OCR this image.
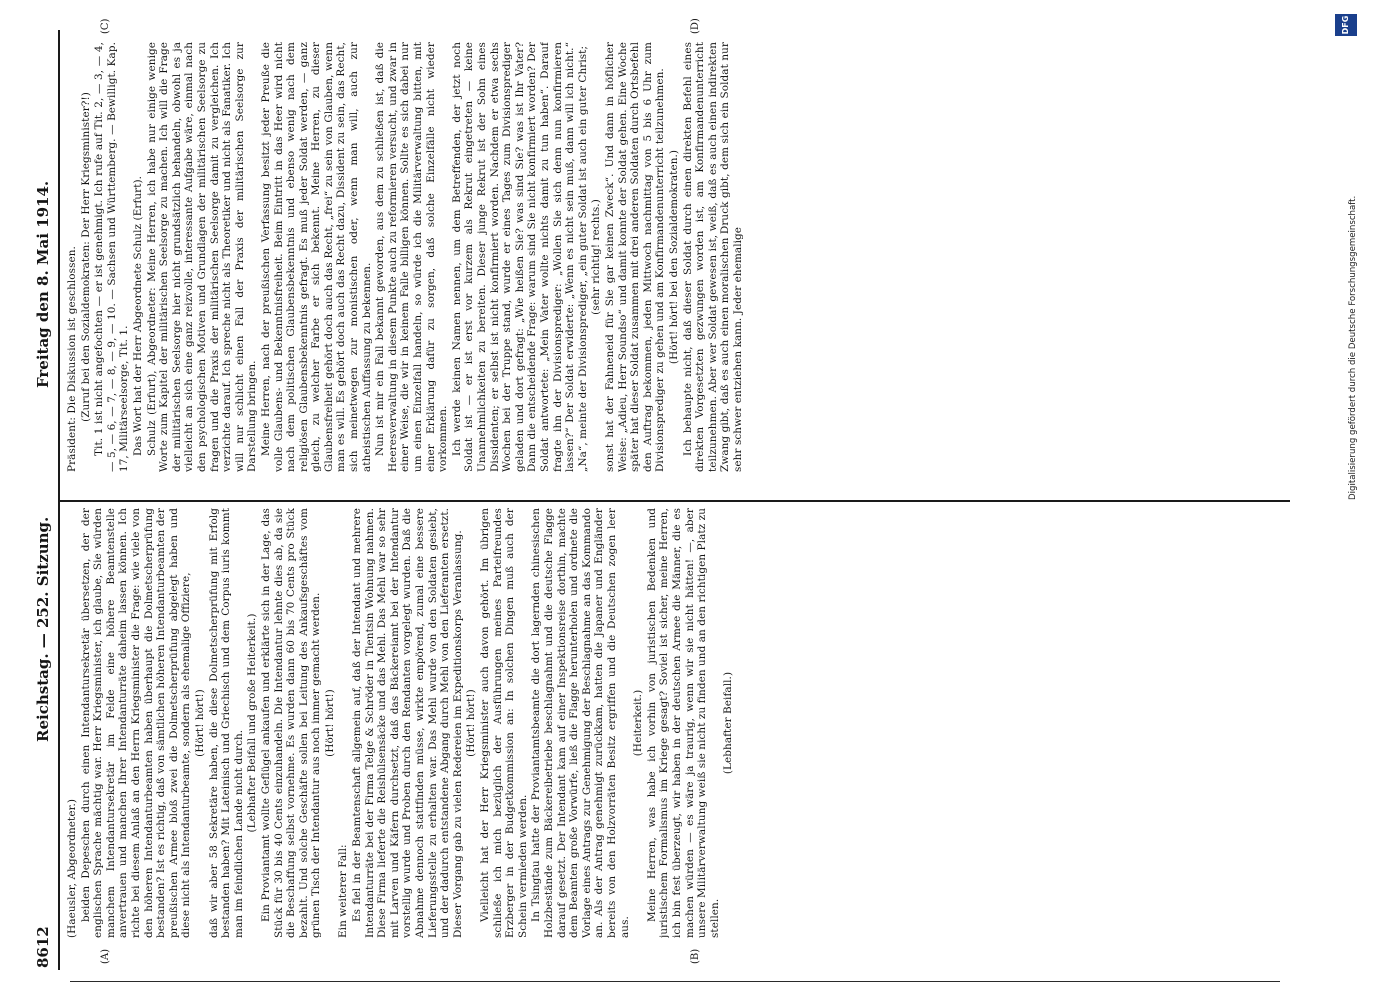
8612
Reichstag. — 252. Sitzung.
Freitag den 8. Mai 1914.
(A)	(B)
(C)	(D)

(Haeusler, Abgeordneter.) beiden Depeschen durch einen Intendantursekretär übersetzen, der der englischen Sprache mächtig war. Herr Kriegsminister, ich glaube, Sie würden manchem Intendantursekretär im Felde eine höhere Beamtenstelle anvertrauen und manchen Ihrer Intendanturräte daheim lassen können. Ich richte bei diesem Anlaß an den Herrn Kriegsminister die Frage: wie viele von den höheren Intendanturbeamten haben überhaupt die Dolmetscherprüfung bestanden? Ist es richtig, daß von sämtlichen höheren Intendanturbeamten der preußischen Armee bloß zwei die Dolmetscherprüfung abgelegt haben und diese nicht als Intendanturbeamte, sondern als ehemalige Offiziere, (Hört! hört!) daß wir aber 58 Sekretäre haben, die diese Dolmetscherprüfung mit Erfolg bestanden haben? Mit Lateinisch und Griechisch und dem Corpus iuris kommt man im feindlichen Lande nicht durch.

(Lebhafter Beifall und große Heiterkeit.) Ein Proviantamt wollte Geflügel ankaufen und erklärte sich in der Lage, das Stück für 30 bis 40 Cents einzuhandeln. Die Intendantur lehnte dies ab, da sie die Beschaffung selbst vornehme. Es wurden dann 60 bis 70 Cents pro Stück bezahlt. Und solche Geschäfte sollen bei Leitung des Ankaufsgeschäftes vom grünen Tisch der Intendantur aus noch immer gemacht werden. (Hört! hört!)

Ein weiterer Fall: Es fiel in der Beamtenschaft allgemein auf, daß der Intendant und mehrere Intendanturräte bei der Firma Telge & Schröder in Tientsin Wohnung nahmen. Diese Firma lieferte die Reishülsensäcke und das Mehl. Das Mehl war so sehr mit Larven und Käfern durchsetzt, daß das Bäckereiamt bei der Intendantur vorstellig wurde und Proben durch den Rendanten vorgelegt wurden. Daß die Abnahme dennoch stattfinden müsse, wirkte empörend, zumal eine bessere Lieferungsstelle zu erhalten war. Das Mehl wurde von den Soldaten gesiebt, und der dadurch entstandene Abgang durch Mehl von den Lieferanten ersetzt. Dieser Vorgang gab zu vielen Redereien im Expeditionskorps Veranlassung. (Hört! hört!) Vielleicht hat der Herr Kriegsminister auch davon gehört. Im übrigen schließe ich mich bezüglich der Ausführungen meines Parteifreundes Erzberger in der Budgetkommission an: In solchen Dingen muß auch der Schein vermieden werden. In Tsingtau hatte der Proviantamtsbeamte die dort lagernden chinesischen Holzbestände zum Bäckereibetriebe beschlagnahmt und die deutsche Flagge darauf gesetzt. Der Intendant kam auf einer Inspektionsreise dorthin, machte dem Beamten große Vorwürfe, ließ die Flagge herunterholen und ordnete die Vorlage eines Antrags zur Genehmigung der Beschlagnahme an das Kommando an. Als der Antrag genehmigt zurückkam, hatten die Japaner und Engländer bereits von den Holzvorräten Besitz ergriffen und die Deutschen zogen leer aus.

(Heiterkeit.) Meine Herren, was habe ich vorhin von juristischen Bedenken und juristischem Formalismus im Kriege gesagt? Soviel ist sicher, meine Herren, ich bin fest überzeugt, wir haben in der deutschen Armee die Männer, die es machen würden — es wäre ja traurig, wenn wir sie nicht hätten! —, aber unsere Militärverwaltung weiß sie nicht zu finden und an den richtigen Platz zu stellen.

(Lebhafter Beifall.)

Präsident: Die Diskussion ist geschlossen. (Zuruf bei den Sozialdemokraten: Der Herr Kriegsminister?!) Tit. 1 ist nicht angefochten — er ist genehmigt. Ich rufe auf Tit. 2, — 3, — 4, — 5, — 6, — 7, — 8, — 9, — 10. — Sachsen und Württemberg. — Bewilligt. Kap. 17, Militärseelsorge, Tit. 1. Das Wort hat der Herr Abgeordnete Schulz (Erfurt). Schulz (Erfurt), Abgeordneter: Meine Herren, ich habe nur einige wenige Worte zum Kapitel der militärischen Seelsorge zu machen. Ich will die Frage der militärischen Seelsorge hier nicht grundsätzlich behandeln, obwohl es ja vielleicht an sich eine ganz reizvolle, interessante Aufgabe wäre, einmal nach den psychologischen Motiven und Grundlagen der militärischen Seelsorge zu fragen und die Praxis der militärischen Seelsorge damit zu vergleichen. Ich verzichte darauf. Ich spreche nicht als Theoretiker und nicht als Fanatiker. Ich will nur schlicht einen Fall der Praxis der militärischen Seelsorge zur Darstellung bringen. Meine Herren, nach der preußischen Verfassung besitzt jeder Preuße die volle Glaubens- und Bekenntnisfreiheit. Beim Eintritt in das Heer wird nicht nach dem politischen Glaubensbekenntnis und ebenso wenig nach dem religiösen Glaubensbekenntnis gefragt. Es muß jeder Soldat werden, — ganz gleich, zu welcher Farbe er sich bekennt. Meine Herren, zu dieser Glaubensfreiheit gehört doch auch das Recht, „frei“ zu sein von Glauben, wenn man es will. Es gehört doch auch das Recht dazu, Dissident zu sein, das Recht, sich meinetwegen zur monistischen oder, wenn man will, auch zur atheistischen Auffassung zu bekennen. Nun ist mir ein Fall bekannt geworden, aus dem zu schließen ist, daß die Heeresverwaltung in diesem Punkte auch zu reformieren versucht, und zwar in einer Weise, die wir in keinem Falle billigen können. Sollte es sich dabei nur um einen Einzelfall handeln, so würde ich die Militärverwaltung bitten, mit einer Erklärung dafür zu sorgen, daß solche Einzelfälle nicht wieder vorkommen. Ich werde keinen Namen nennen, um dem Betreffenden, der jetzt noch Soldat ist — er ist erst vor kurzem als Rekrut eingetreten — keine Unannehmlichkeiten zu bereiten. Dieser junge Rekrut ist der Sohn eines Dissidenten; er selbst ist nicht konfirmiert worden. Nachdem er etwa sechs Wochen bei der Truppe stand, wurde er eines Tages zum Divisionsprediger geladen und dort gefragt: „Wie heißen Sie? was sind Sie? was ist Ihr Vater? Dann die entscheidende Frage: warum sind Sie nicht konfirmiert worden? Der Soldat antwortete: „Mein Vater wollte nichts damit zu tun haben“. Darauf fragte ihn der Divisionsprediger: „Wollen Sie sich denn nun konfirmieren lassen?“ Der Soldat erwiderte: „Wenn es nicht sein muß, dann will ich nicht.“ „Na“, meinte der Divisionsprediger, „ein guter Soldat ist auch ein guter Christ; (sehr richtig! rechts.) sonst hat der Fahneneid für Sie gar keinen Zweck“. Und dann in höflicher Weise: „Adieu, Herr Soundso“ und damit konnte der Soldat gehen. Eine Woche später hat dieser Soldat zusammen mit drei anderen Soldaten durch Ortsbefehl den Auftrag bekommen, jeden Mittwoch nachmittag von 5 bis 6 Uhr zum Divisionsprediger zu gehen und am Konfirmandenunterricht teilzunehmen. (Hört! hört! bei den Sozialdemokraten.) Ich behaupte nicht, daß dieser Soldat durch einen direkten Befehl eines direkten Vorgesetzten gezwungen worden ist, am Konfirmandenunterricht teilzunehmen. Aber wer Soldat gewesen ist, weiß, daß es auch einen indirekten Zwang gibt, daß es auch einen moralischen Druck gibt, dem sich ein Soldat nur sehr schwer entziehen kann. Jeder ehemalige

DFG
Digitalisierung gefördert durch die Deutsche Forschungsgemeinschaft.
